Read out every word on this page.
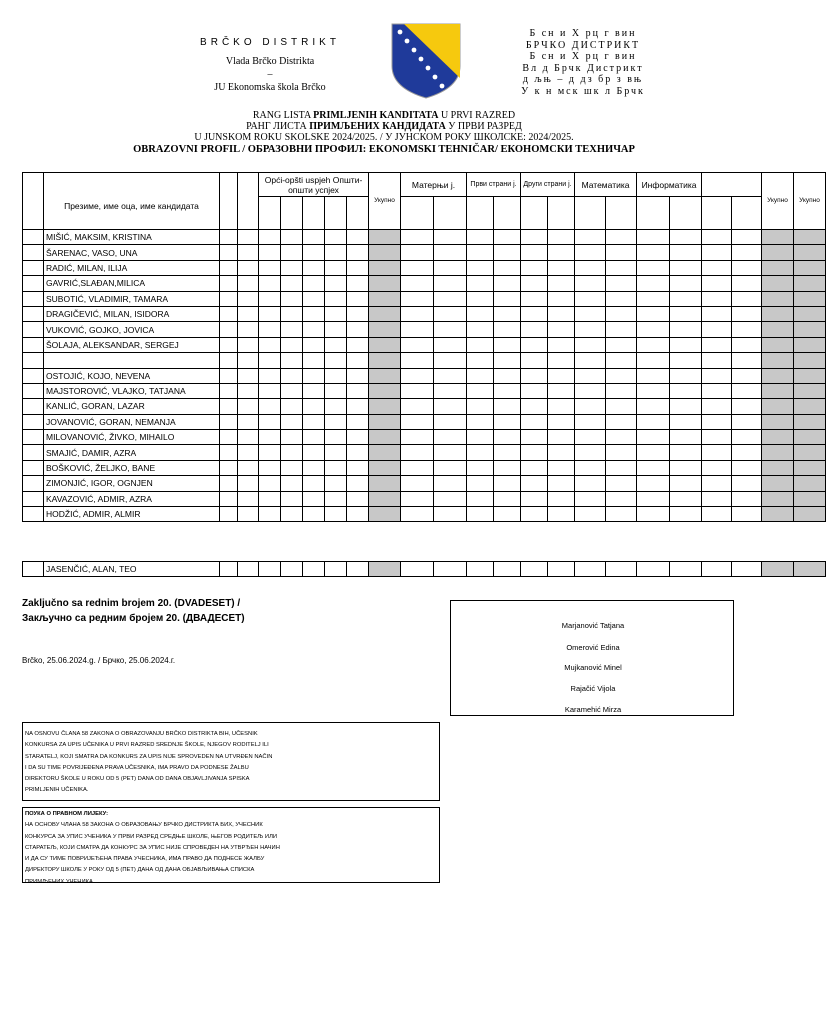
BRČKO DISTRIKT
Vlada Brčko Distrikta
–
JU Ekonomska škola Brčko
Б сн и Х рц г вин
БРЧКО ДИСТРИКТ
Б сн и Х рц г вин
Вл д Брчк Дистрикт
д љњ – д дз бр з вњ
У к н мск шк л Брчк
RANG LISTA PRIMLJENIH KANDITATA U PRVI RAZRED
РАНГ ЛИСТА ПРИМЉЕНИХ КАНДИДАТА У ПРВИ РАЗРЕД
U JUNSKOM ROKU SKOLSKE 2024/2025. / У ЈУНСКОМ РОКУ ШКОЛСКЕ: 2024/2025.
OBRAZOVNI PROFIL / ОБРАЗОВНИ ПРОФИЛ: EKONOMSKI TEHNIČAR/ ЕКОНОМСКИ ТЕХНИЧАР
	Презиме, име оца, име кандидата			Opći-opšti uspjeh Општи-општи успјех					Укупно	Матерњи ј.		Први страни ј.		Други страни ј.		Математика		Информатика				Укупно	Укупно

	MIŠIĆ, MAKSIM, KRISTINA																						
	ŠARENAC, VASO, UNA																						
	RADIĆ, MILAN, ILIJA																						
	GAVRIĆ,SLAĐAN,MILICA																						
	SUBOTIĆ, VLADIMIR, TAMARA																						
	DRAGIČEVIĆ, MILAN, ISIDORA																						
	VUKOVIĆ, GOJKO, JOVICA																						
	ŠOLAJA, ALEKSANDAR, SERGEJ																						

	OSTOJIĆ, KOJO, NEVENA																						
	MAJSTOROVIĆ, VLAJKO, TATJANA																						
	KANLIĆ, GORAN, LAZAR																						
	JOVANOVIĆ, GORAN, NEMANJA																						
	MILOVANOVIĆ, ŽIVKO, MIHAILO																						
	SMAJIĆ, DAMIR, AZRA																						
	BOŠKOVIĆ, ŽELJKO, BANE																						
	ZIMONJIĆ, IGOR, OGNJEN																						
	KAVAZOVIĆ, ADMIR, AZRA																						
	HODŽIĆ, ADMIR, ALMIR																						
	JASENČIĆ, ALAN, TEO																						
Zaključno sa rednim brojem 20. (DVADESET) /
Закључно са редним бројем 20. (ДВАДЕСЕТ)
Brčko, 25.06.2024.g. / Брчко, 25.06.2024.г.
Marjanović Tatjana
Omerović Edina
Mujkanović Minel
Rajačić Vijola
Karamehić Mirza
NA OSNOVU ČLANA 58 ZAKONA O OBRAZOVANJU BRČKO DISTRIKTA BIH, UČESNIK
KONKURSA ZA UPIS UČENIKA U PRVI RAZRED SREDNJE ŠKOLE, NJEGOV RODITELJ ILI
STARATELJ, KOJI SMATRA DA KONKURS ZA UPIS NIJE SPROVEDEN NA UTVRĐEN NAČIN
I DA SU TIME POVRIJEĐENA PRAVA UČESNIKA, IMA PRAVO DA PODNESE ŽALBU
DIREKTORU ŠKOLE U ROKU OD 5 (PET) DANA OD DANA OBJAVLJIVANJA SPISKA
PRIMLJENIH UČENIKA.
ПОУКА О ПРАВНОМ ЛИЈЕКУ:
НА ОСНОВУ ЧЛАНА 58 ЗАКОНА О ОБРАЗОВАЊУ БРЧКО ДИСТРИКТА БИХ, УЧЕСНИК
КОНКУРСА ЗА УПИС УЧЕНИКА У ПРВИ РАЗРЕД СРЕДЊЕ ШКОЛЕ, ЊЕГОВ РОДИТЕЉ ИЛИ
СТАРАТЕЉ, КОЈИ СМАТРА ДА КОНКУРС ЗА УПИС НИЈЕ СПРОВЕДЕН НА УТВРЂЕН НАЧИН
И ДА СУ ТИМЕ ПОВРИЈЕЂЕНА ПРАВА УЧЕСНИКА, ИМА ПРАВО ДА ПОДНЕСЕ ЖАЛБУ
ДИРЕКТОРУ ШКОЛЕ У РОКУ ОД 5 (ПЕТ) ДАНА ОД ДАНА ОБЈАВЉИВАЊА СПИСКА
ПРИМЉЕНИХ УЧЕНИКА.
